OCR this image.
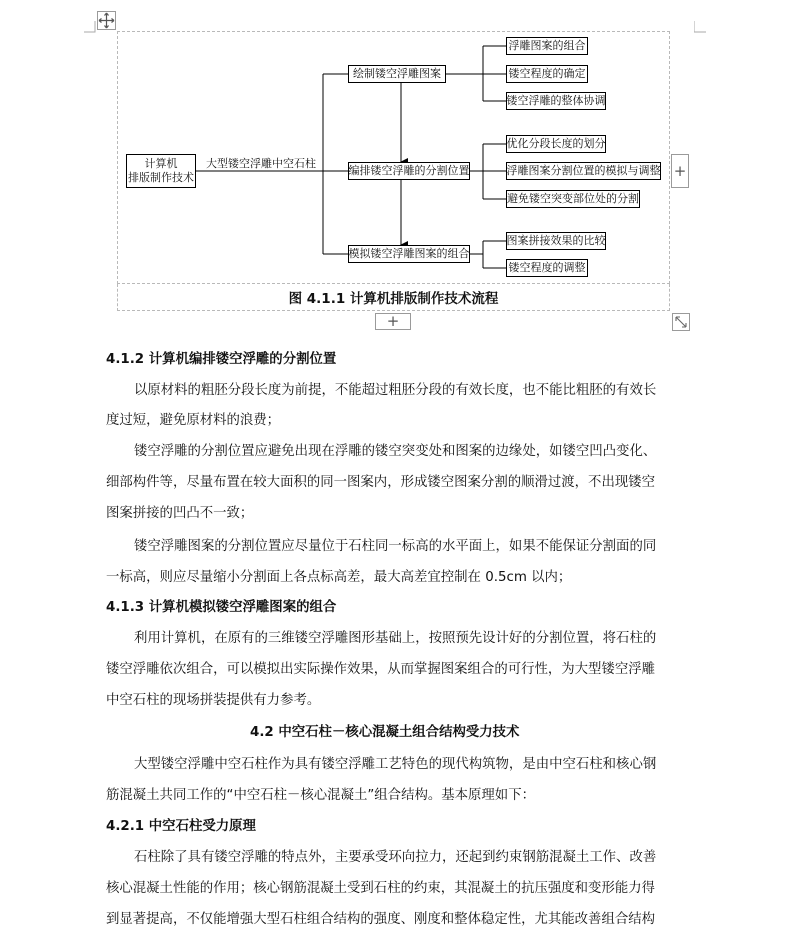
+
+
计算机
排版制作技术
大型镂空浮雕中空石柱
绘制镂空浮雕图案
编排镂空浮雕的分割位置
模拟镂空浮雕图案的组合
浮雕图案的组合
镂空程度的确定
镂空浮雕的整体协调
优化分段长度的划分
浮雕图案分割位置的模拟与调整
避免镂空突变部位处的分割
图案拼接效果的比较
镂空程度的调整
图 4.1.1 计算机排版制作技术流程
4.1.2 计算机编排镂空浮雕的分割位置
以原材料的粗胚分段长度为前提，不能超过粗胚分段的有效长度，也不能比粗胚的有效长
度过短，避免原材料的浪费；
镂空浮雕的分割位置应避免出现在浮雕的镂空突变处和图案的边缘处，如镂空凹凸变化、
细部构件等，尽量布置在较大面积的同一图案内，形成镂空图案分割的顺滑过渡，不出现镂空
图案拼接的凹凸不一致；
镂空浮雕图案的分割位置应尽量位于石柱同一标高的水平面上，如果不能保证分割面的同
一标高，则应尽量缩小分割面上各点标高差，最大高差宜控制在 0.5cm 以内；
4.1.3 计算机模拟镂空浮雕图案的组合
利用计算机，在原有的三维镂空浮雕图形基础上，按照预先设计好的分割位置，将石柱的
镂空浮雕依次组合，可以模拟出实际操作效果，从而掌握图案组合的可行性，为大型镂空浮雕
中空石柱的现场拼装提供有力参考。
4.2 中空石柱－核心混凝土组合结构受力技术
大型镂空浮雕中空石柱作为具有镂空浮雕工艺特色的现代构筑物，是由中空石柱和核心钢
筋混凝土共同工作的“中空石柱－核心混凝土”组合结构。基本原理如下：
4.2.1 中空石柱受力原理
石柱除了具有镂空浮雕的特点外，主要承受环向拉力，还起到约束钢筋混凝土工作、改善
核心混凝土性能的作用；核心钢筋混凝土受到石柱的约束，其混凝土的抗压强度和变形能力得
到显著提高，不仅能增强大型石柱组合结构的强度、刚度和整体稳定性，尤其能改善组合结构
